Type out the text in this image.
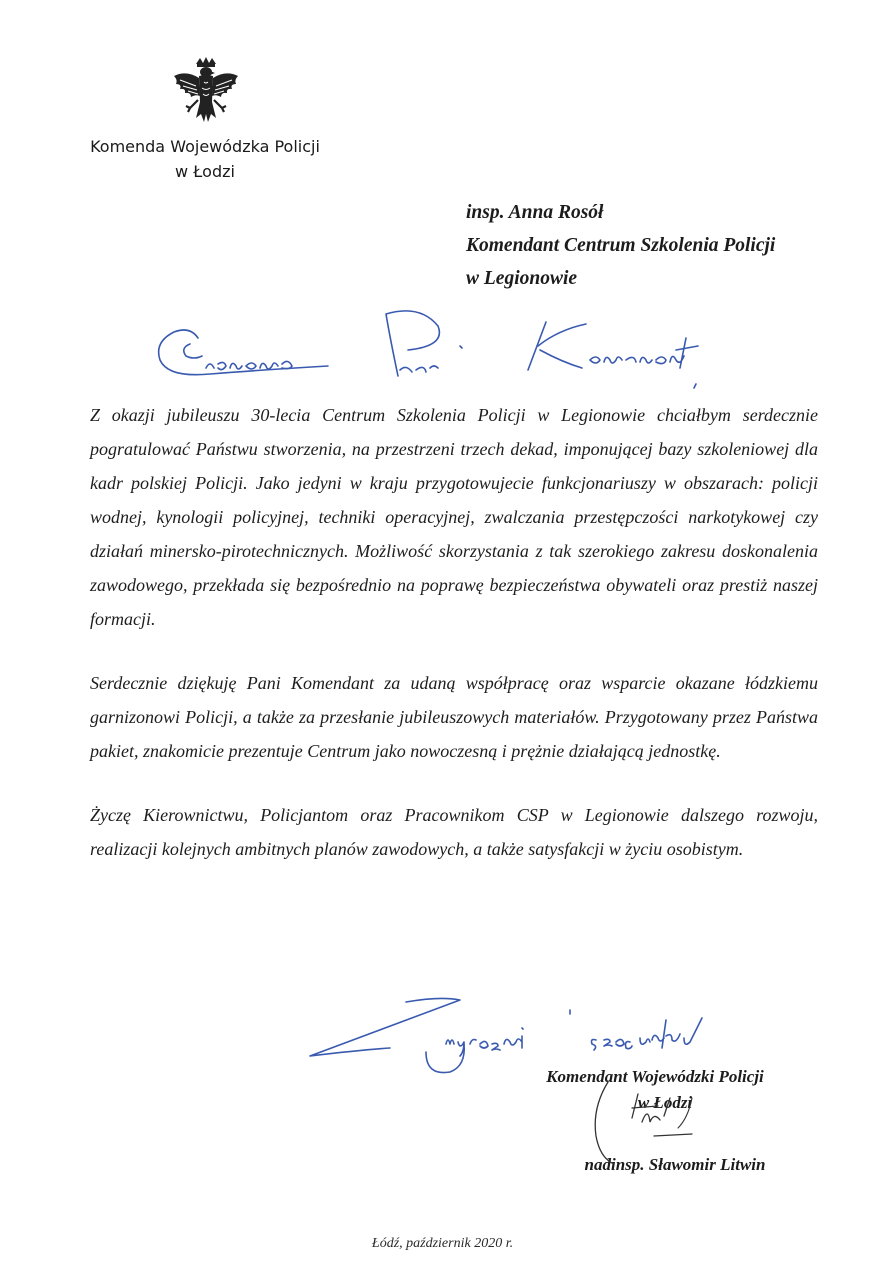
Komenda Wojewódzka Policji
w Łodzi
insp. Anna Rosół
Komendant Centrum Szkolenia Policji
w Legionowie

Z okazji jubileuszu 30-lecia Centrum Szkolenia Policji w Legionowie chciałbym serdecznie pogratulować Państwu stworzenia, na przestrzeni trzech dekad, imponującej bazy szkoleniowej dla kadr polskiej Policji. Jako jedyni w kraju przygotowujecie funkcjonariuszy w obszarach: policji wodnej, kynologii policyjnej, techniki operacyjnej, zwalczania przestępczości narkotykowej czy działań minersko-pirotechnicznych. Możliwość skorzystania z tak szerokiego zakresu doskonalenia zawodowego, przekłada się bezpośrednio na poprawę bezpieczeństwa obywateli oraz prestiż naszej formacji.

Serdecznie dziękuję Pani Komendant za udaną współpracę oraz wsparcie okazane łódzkiemu garnizonowi Policji, a także za przesłanie jubileuszowych materiałów. Przygotowany przez Państwa pakiet, znakomicie prezentuje Centrum jako nowoczesną i prężnie działającą jednostkę.

Życzę Kierownictwu, Policjantom oraz Pracownikom CSP w Legionowie dalszego rozwoju, realizacji kolejnych ambitnych planów zawodowych, a także satysfakcji w życiu osobistym.

Komendant Wojewódzki Policji
w Łodzi
nadinsp. Sławomir Litwin
Łódź, październik 2020 r.
